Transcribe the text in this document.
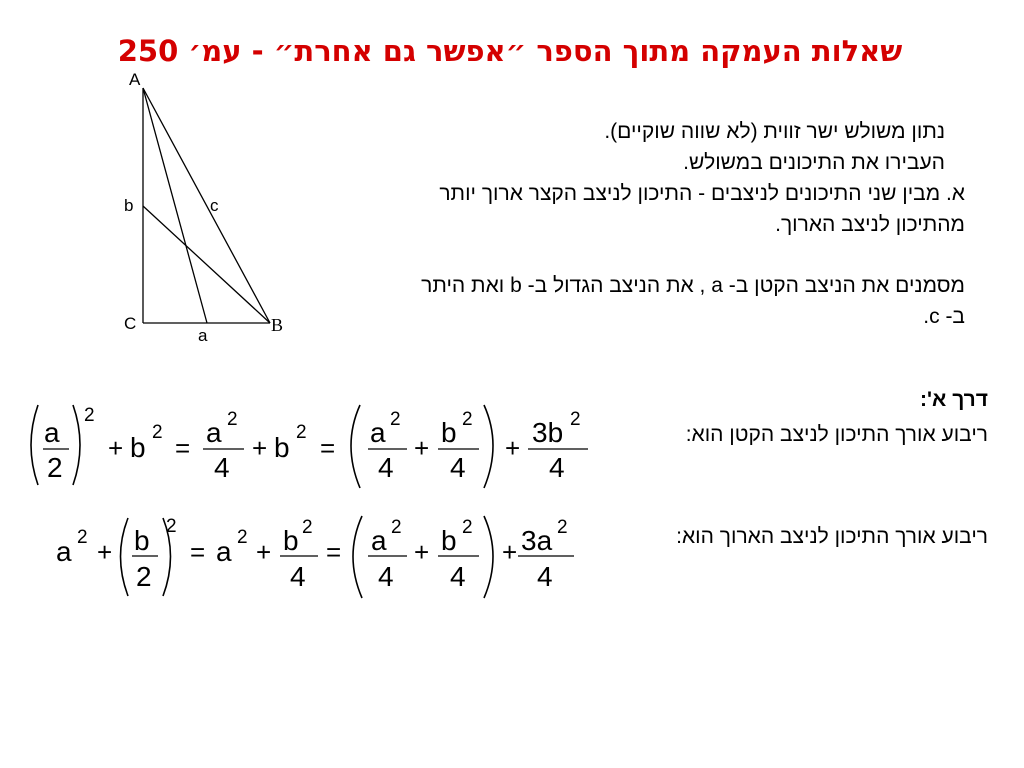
שאלות העמקה מתוך הספר ״אפשר גם אחרת״ - עמ׳ 250

נתון משולש ישר זווית (לא שווה שוקיים).

העבירו את התיכונים במשולש.

א. מבין שני התיכונים לניצבים - התיכון לניצב הקצר ארוך יותר מהתיכון לניצב הארוך.

מסמנים את הניצב הקטן ב- a , את הניצב הגדול ב- b ואת היתר ב- c.

דרך א':
ריבוע אורך התיכון לניצב הקטן הוא:
ריבוע אורך התיכון לניצב הארוך הוא:
A
C	B
b	c
a
a
2
2
+ b 2
= a 2
4
+ b 2
= a 2
4
+ b 2
4
+ 3b 2
4
a 2 + b
2
2
= a 2 + b 2
4
= a 2
4
+ b 2
4
+ 3a 2
4
